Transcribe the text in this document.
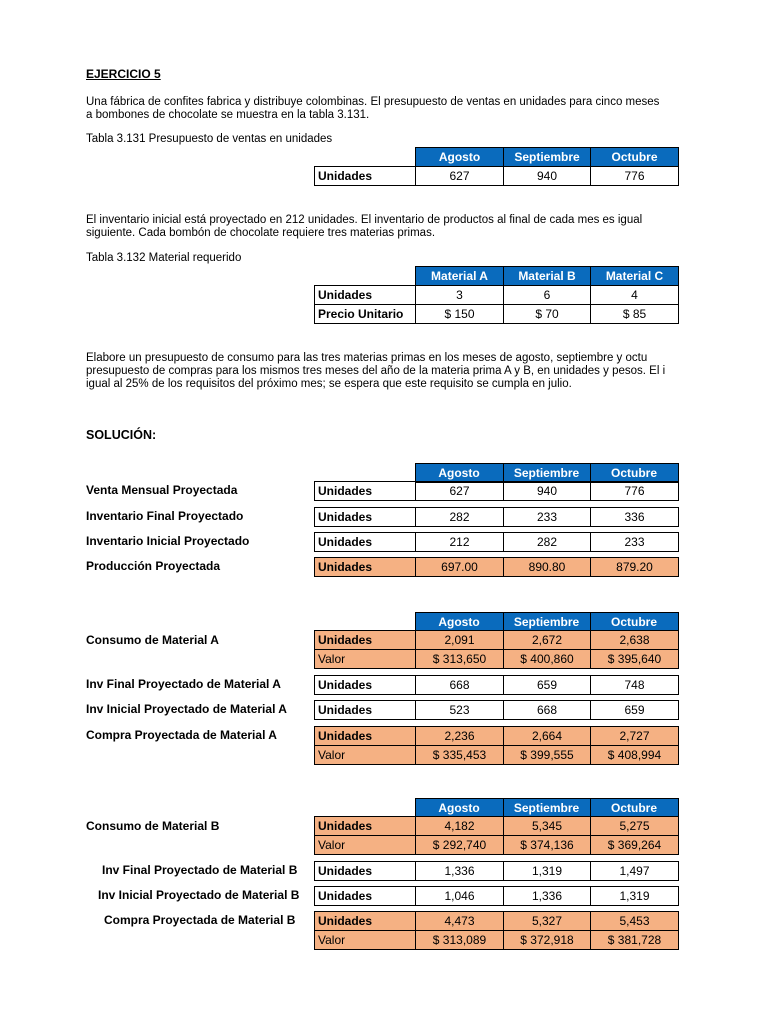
EJERCICIO 5
Una fábrica de confites fabrica y distribuye colombinas. El presupuesto de ventas en unidades para cinco meses
a bombones de chocolate se muestra en la tabla 3.131.
Tabla 3.131 Presupuesto de ventas en unidades
	Agosto	Septiembre	Octubre
Unidades	627	940	776
El inventario inicial está proyectado en 212 unidades. El inventario de productos al final de cada mes es igual
siguiente. Cada bombón de chocolate requiere tres materias primas.
Tabla 3.132 Material requerido
	Material A	Material B	Material C
Unidades	3	6	4
Precio Unitario	$ 150	$ 70	$ 85
Elabore un presupuesto de consumo para las tres materias primas en los meses de agosto, septiembre y octu
presupuesto de compras para los mismos tres meses del año de la materia prima A y B, en unidades y pesos. El i
igual al 25% de los requisitos del próximo mes; se espera que este requisito se cumpla en julio.
SOLUCIÓN:
	Agosto	Septiembre	Octubre
Venta Mensual Proyectada	Unidades	627	940	776
Inventario Final Proyectado	Unidades	282	233	336
Inventario Inicial Proyectado	Unidades	212	282	233
Producción Proyectada	Unidades	697.00	890.80	879.20
	Agosto	Septiembre	Octubre
Consumo de Material A	Unidades	2,091	2,672	2,638
Valor	$ 313,650	$ 400,860	$ 395,640
Inv Final Proyectado de Material A	Unidades	668	659	748
Inv Inicial Proyectado de Material A	Unidades	523	668	659
Compra Proyectada de Material A	Unidades	2,236	2,664	2,727
Valor	$ 335,453	$ 399,555	$ 408,994
	Agosto	Septiembre	Octubre
Consumo de Material B	Unidades	4,182	5,345	5,275
Valor	$ 292,740	$ 374,136	$ 369,264
Inv Final Proyectado de Material B Unidades	1,336	1,319	1,497
Inv Inicial Proyectado de Material B Unidades	1,046	1,336	1,319
Compra Proyectada de Material B Unidades	4,473	5,327	5,453
Valor	$ 313,089	$ 372,918	$ 381,728
